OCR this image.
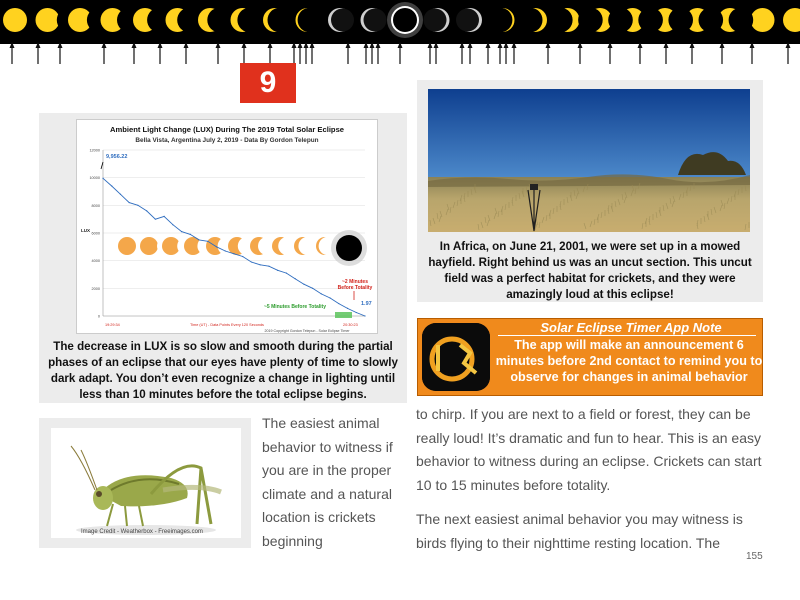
9
Ambient Light Change (LUX) During The 2019 Total Solar Eclipse
Bella Vista, Argentina July 2, 2019 - Data By Gordon Telepun
12000
10000
8000
6000
4000
2000
0
LUX
9,956.22
1.97
~2 Minutes
Before Totality
~5 Minutes Before Totality
19:29:34	20:30:23
Time (UT) - Data Points Every 120 Seconds
2019 Copyright Gordon Telepun - Solar Eclipse Timer
The decrease in LUX is so slow and smooth during the partial phases of an eclipse that our eyes have plenty of time to slowly dark adapt. You don’t even recognize a change in lighting until less than 10 minutes before the total eclipse begins.
In Africa, on June 21, 2001, we were set up in a mowed hayfield. Right behind us was an uncut section. This uncut field was a perfect habitat for crickets, and they were amazingly loud at this eclipse!
Image Credit - Weatherbox - Freeimages.com
Solar Eclipse Timer App Note
The app will make an announcement 6 minutes before 2nd contact to remind you to observe for changes in animal behavior
The easiest animal behavior to witness if you are in the proper climate and a natural location is crickets beginning
to chirp. If you are next to a field or forest, they can be really loud! It’s dramatic and fun to hear. This is an easy behavior to witness during an eclipse. Crickets can start 10 to 15 minutes before totality.
The next easiest animal behavior you may witness is birds flying to their nighttime resting location. The
155
